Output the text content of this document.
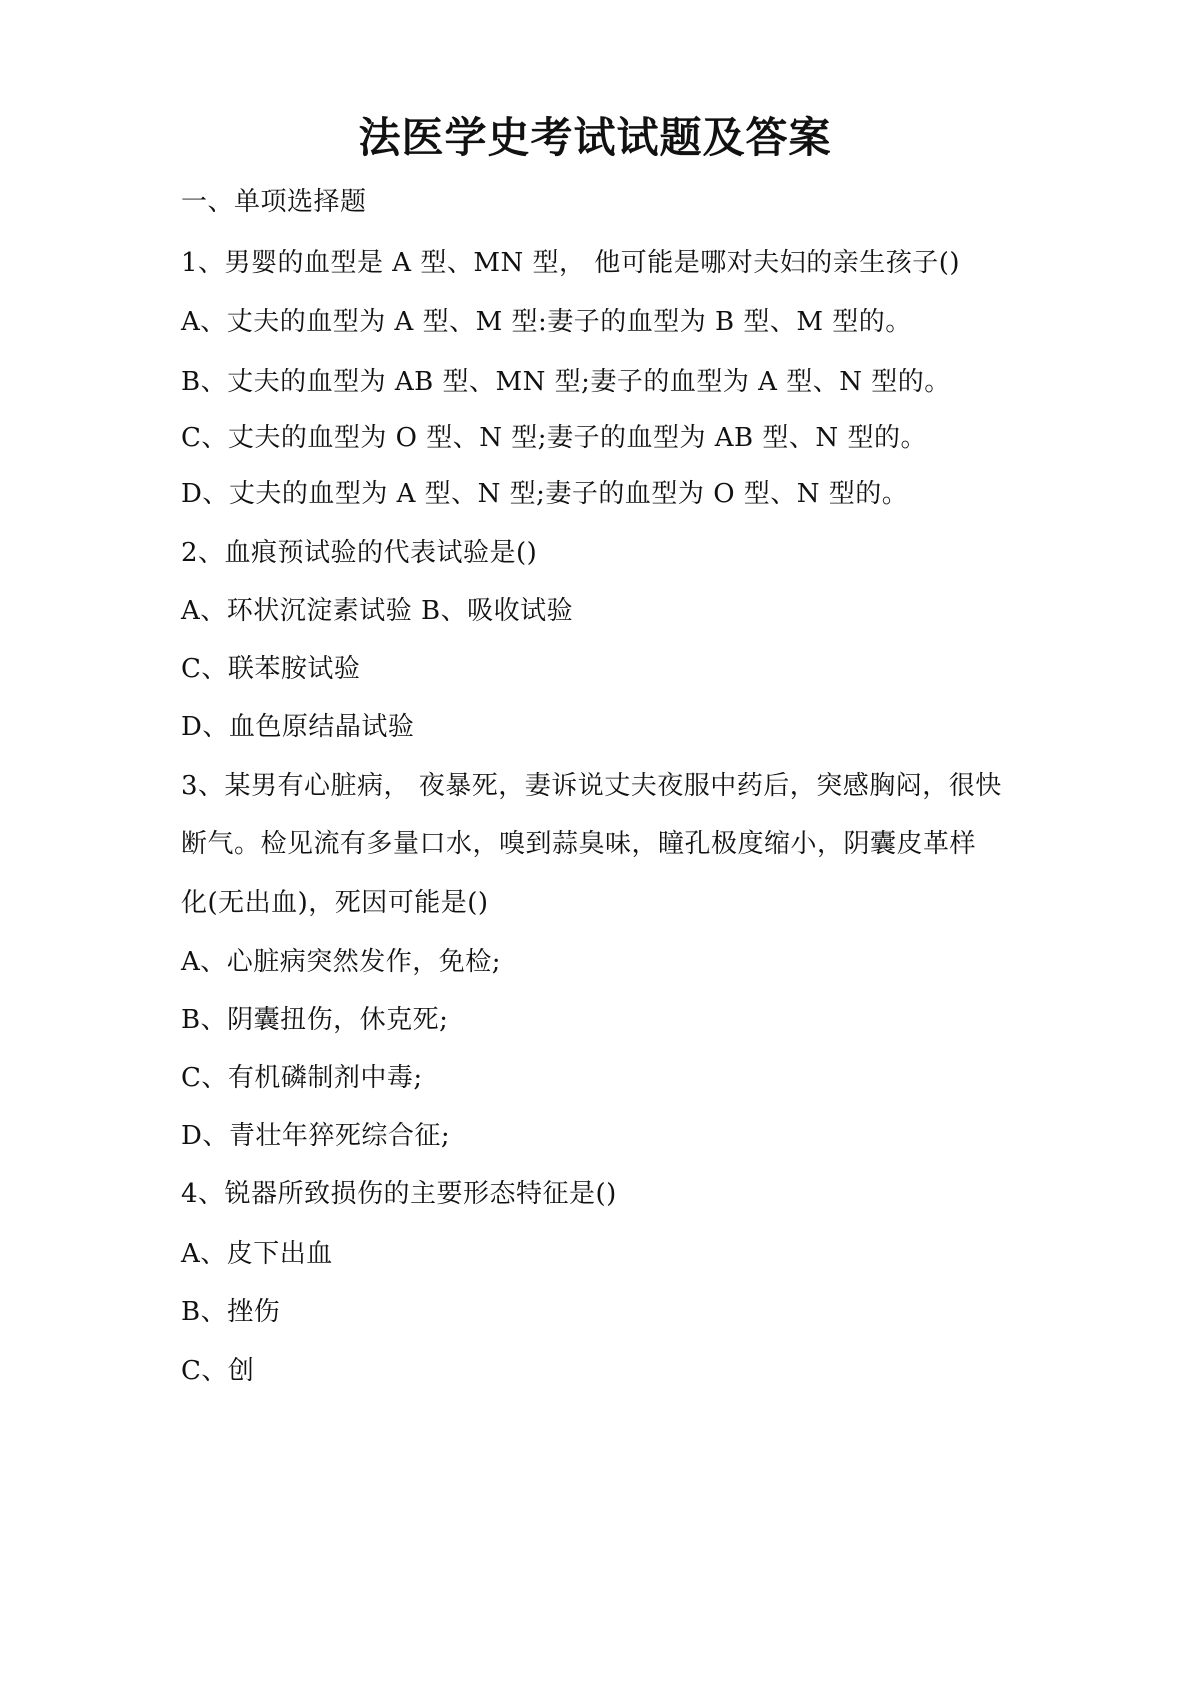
法医学史考试试题及答案
一、单项选择题
1、男婴的血型是 A 型、MN 型， 他可能是哪对夫妇的亲生孩子()
A、丈夫的血型为 A 型、M 型:妻子的血型为 B 型、M 型的。
B、丈夫的血型为 AB 型、MN 型;妻子的血型为 A 型、N 型的。
C、丈夫的血型为 O 型、N 型;妻子的血型为 AB 型、N 型的。
D、丈夫的血型为 A 型、N 型;妻子的血型为 O 型、N 型的。
2、血痕预试验的代表试验是()
A、环状沉淀素试验 B、吸收试验
C、联苯胺试验
D、血色原结晶试验
3、某男有心脏病， 夜暴死，妻诉说丈夫夜服中药后，突感胸闷，很快
断气。检见流有多量口水，嗅到蒜臭味，瞳孔极度缩小，阴囊皮革样
化(无出血)，死因可能是()
A、心脏病突然发作，免检;
B、阴囊扭伤，休克死;
C、有机磷制剂中毒;
D、青壮年猝死综合征;
4、锐器所致损伤的主要形态特征是()
A、皮下出血
B、挫伤
C、创
